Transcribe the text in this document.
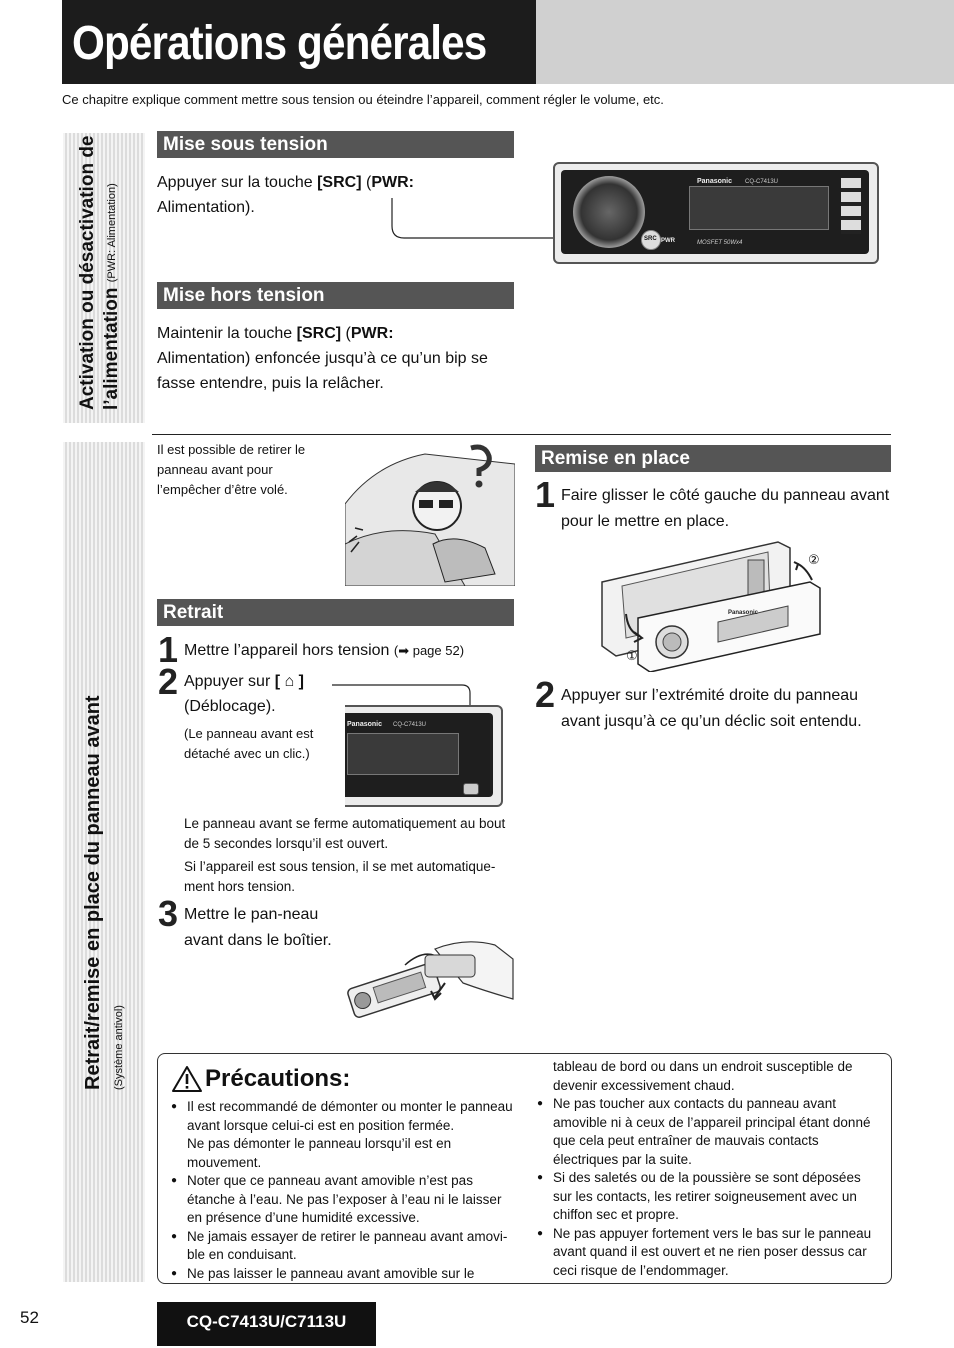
Opérations générales
Ce chapitre explique comment mettre sous tension ou éteindre l’appareil, comment régler le volume, etc.
Activation ou désactivation de l’alimentation (PWR: Alimentation)
Retrait/remise en place du panneau avant (Système antivol)
Mise sous tension
Appuyer sur la touche [SRC] (PWR:
Alimentation).
Panasonic CQ-C7413U
SRC PWR	MOSFET 50Wx4
Mise hors tension
Maintenir la touche [SRC] (PWR:
Alimentation) enfoncée jusqu’à ce qu’un bip se fasse entendre, puis la relâcher.
Il est possible de retirer le panneau avant pour l’empêcher d’être volé.
Retrait
1 Mettre l’appareil hors tension (➡ page 52)
2 Appuyer sur [ ⌂ ]
(Déblocage).
(Le panneau avant est détaché avec un clic.)
Panasonic CQ-C7413U
Le panneau avant se ferme automatiquement au bout de 5 secondes lorsqu’il est ouvert.
Si l’appareil est sous tension, il se met automatique-ment hors tension.
3 Mettre le pan-neau avant dans le boîtier.
Remise en place
1 Faire glisser le côté gauche du panneau avant pour le mettre en place.
Panasonic
②
①
2 Appuyer sur l’extrémité droite du panneau avant jusqu’à ce qu’un déclic soit entendu.
Précautions:
● Il est recommandé de démonter ou monter le panneau avant lorsque celui-ci est en position fermée.
Ne pas démonter le panneau lorsqu’il est en mouvement.
● Noter que ce panneau avant amovible n’est pas étanche à l’eau. Ne pas l’exposer à l’eau ni le laisser en présence d’une humidité excessive.
● Ne jamais essayer de retirer le panneau avant amovi-ble en conduisant.
● Ne pas laisser le panneau avant amovible sur le
tableau de bord ou dans un endroit susceptible de devenir excessivement chaud.
● Ne pas toucher aux contacts du panneau avant amovible ni à ceux de l’appareil principal étant donné que cela peut entraîner de mauvais contacts électriques par la suite.
● Si des saletés ou de la poussière se sont déposées sur les contacts, les retirer soigneusement avec un chiffon sec et propre.
● Ne pas appuyer fortement vers le bas sur le panneau avant quand il est ouvert et ne rien poser dessus car ceci risque de l’endommager.
52	CQ-C7413U/C7113U
